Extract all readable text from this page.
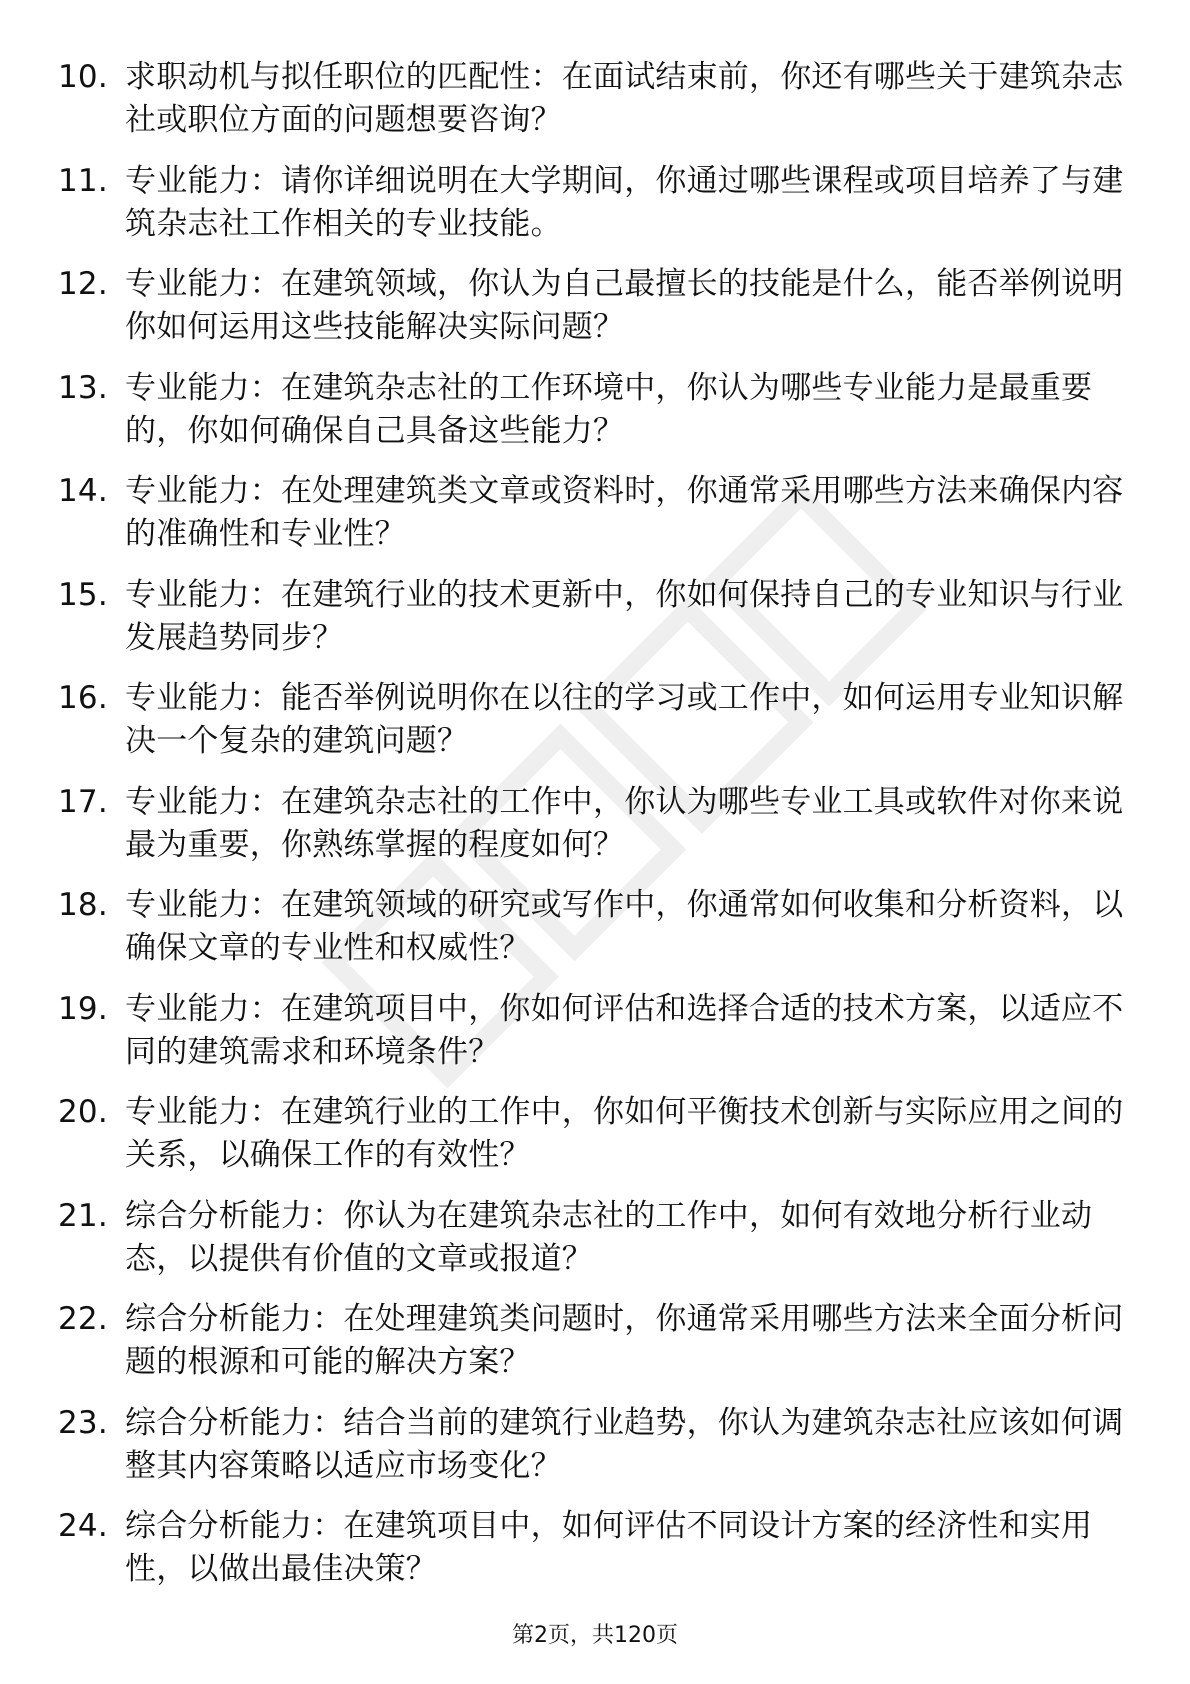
10. 求职动机与拟任职位的匹配性：在面试结束前，你还有哪些关于建筑杂志社或职位方面的问题想要咨询？
11. 专业能力：请你详细说明在大学期间，你通过哪些课程或项目培养了与建筑杂志社工作相关的专业技能。
12. 专业能力：在建筑领域，你认为自己最擅长的技能是什么，能否举例说明你如何运用这些技能解决实际问题？
13. 专业能力：在建筑杂志社的工作环境中，你认为哪些专业能力是最重要的，你如何确保自己具备这些能力？
14. 专业能力：在处理建筑类文章或资料时，你通常采用哪些方法来确保内容的准确性和专业性？
15. 专业能力：在建筑行业的技术更新中，你如何保持自己的专业知识与行业发展趋势同步？
16. 专业能力：能否举例说明你在以往的学习或工作中，如何运用专业知识解决一个复杂的建筑问题？
17. 专业能力：在建筑杂志社的工作中，你认为哪些专业工具或软件对你来说最为重要，你熟练掌握的程度如何？
18. 专业能力：在建筑领域的研究或写作中，你通常如何收集和分析资料，以确保文章的专业性和权威性？
19. 专业能力：在建筑项目中，你如何评估和选择合适的技术方案，以适应不同的建筑需求和环境条件？
20. 专业能力：在建筑行业的工作中，你如何平衡技术创新与实际应用之间的关系，以确保工作的有效性？
21. 综合分析能力：你认为在建筑杂志社的工作中，如何有效地分析行业动态，以提供有价值的文章或报道？
22. 综合分析能力：在处理建筑类问题时，你通常采用哪些方法来全面分析问题的根源和可能的解决方案？
23. 综合分析能力：结合当前的建筑行业趋势，你认为建筑杂志社应该如何调整其内容策略以适应市场变化？
24. 综合分析能力：在建筑项目中，如何评估不同设计方案的经济性和实用性，以做出最佳决策？
第2页，共120页
